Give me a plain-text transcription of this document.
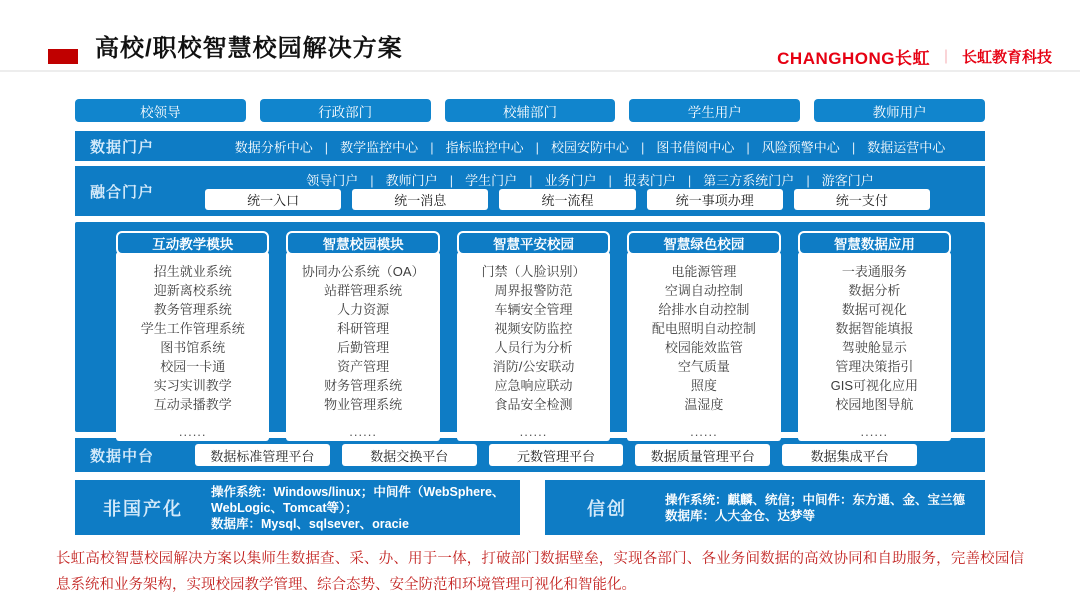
高校/职校智慧校园解决方案	CHANGHONG长虹 ｜ 长虹教育科技
校领导	行政部门	校辅部门	学生用户	教师用户
数据门户	数据分析中心	| 教学监控中心	| 指标监控中心	| 校园安防中心	| 图书借阅中心	| 风险预警中心	| 数据运营中心
融合门户
领导门户	| 教师门户	| 学生门户	| 业务门户	| 报表门户	| 第三方系统门户	| 游客门户
统一入口	统一消息	统一流程	统一事项办理	统一支付
互动教学模块
招生就业系统
迎新离校系统
教务管理系统
学生工作管理系统
图书馆系统
校园一卡通
实习实训教学
互动录播教学
......
智慧校园模块
协同办公系统（OA）
站群管理系统
人力资源
科研管理
后勤管理
资产管理
财务管理系统
物业管理系统
......
智慧平安校园
门禁（人脸识别）
周界报警防范
车辆安全管理
视频安防监控
人员行为分析
消防/公安联动
应急响应联动
食品安全检测
......
智慧绿色校园
电能源管理
空调自动控制
给排水自动控制
配电照明自动控制
校园能效监管
空气质量
照度
温湿度
......
智慧数据应用
一表通服务
数据分析
数据可视化
数据智能填报
驾驶舱显示
管理决策指引
GIS可视化应用
校园地图导航
......
数据中台	数据标准管理平台	数据交换平台	元数管理平台	数据质量管理平台	数据集成平台
非国产化
操作系统：Windows/linux；中间件（WebSphere、
WebLogic、Tomcat等）；
数据库：Mysql、sqlsever、oracie
信创	操作系统：麒麟、统信；中间件：东方通、金、宝兰德
数据库：人大金仓、达梦等
长虹高校智慧校园解决方案以集师生数据查、采、办、用于一体，打破部门数据壁垒，实现各部门、各业务间数据的高效协同和自助服务，完善校园信息系统和业务架构，实现校园教学管理、综合态势、安全防范和环境管理可视化和智能化。
